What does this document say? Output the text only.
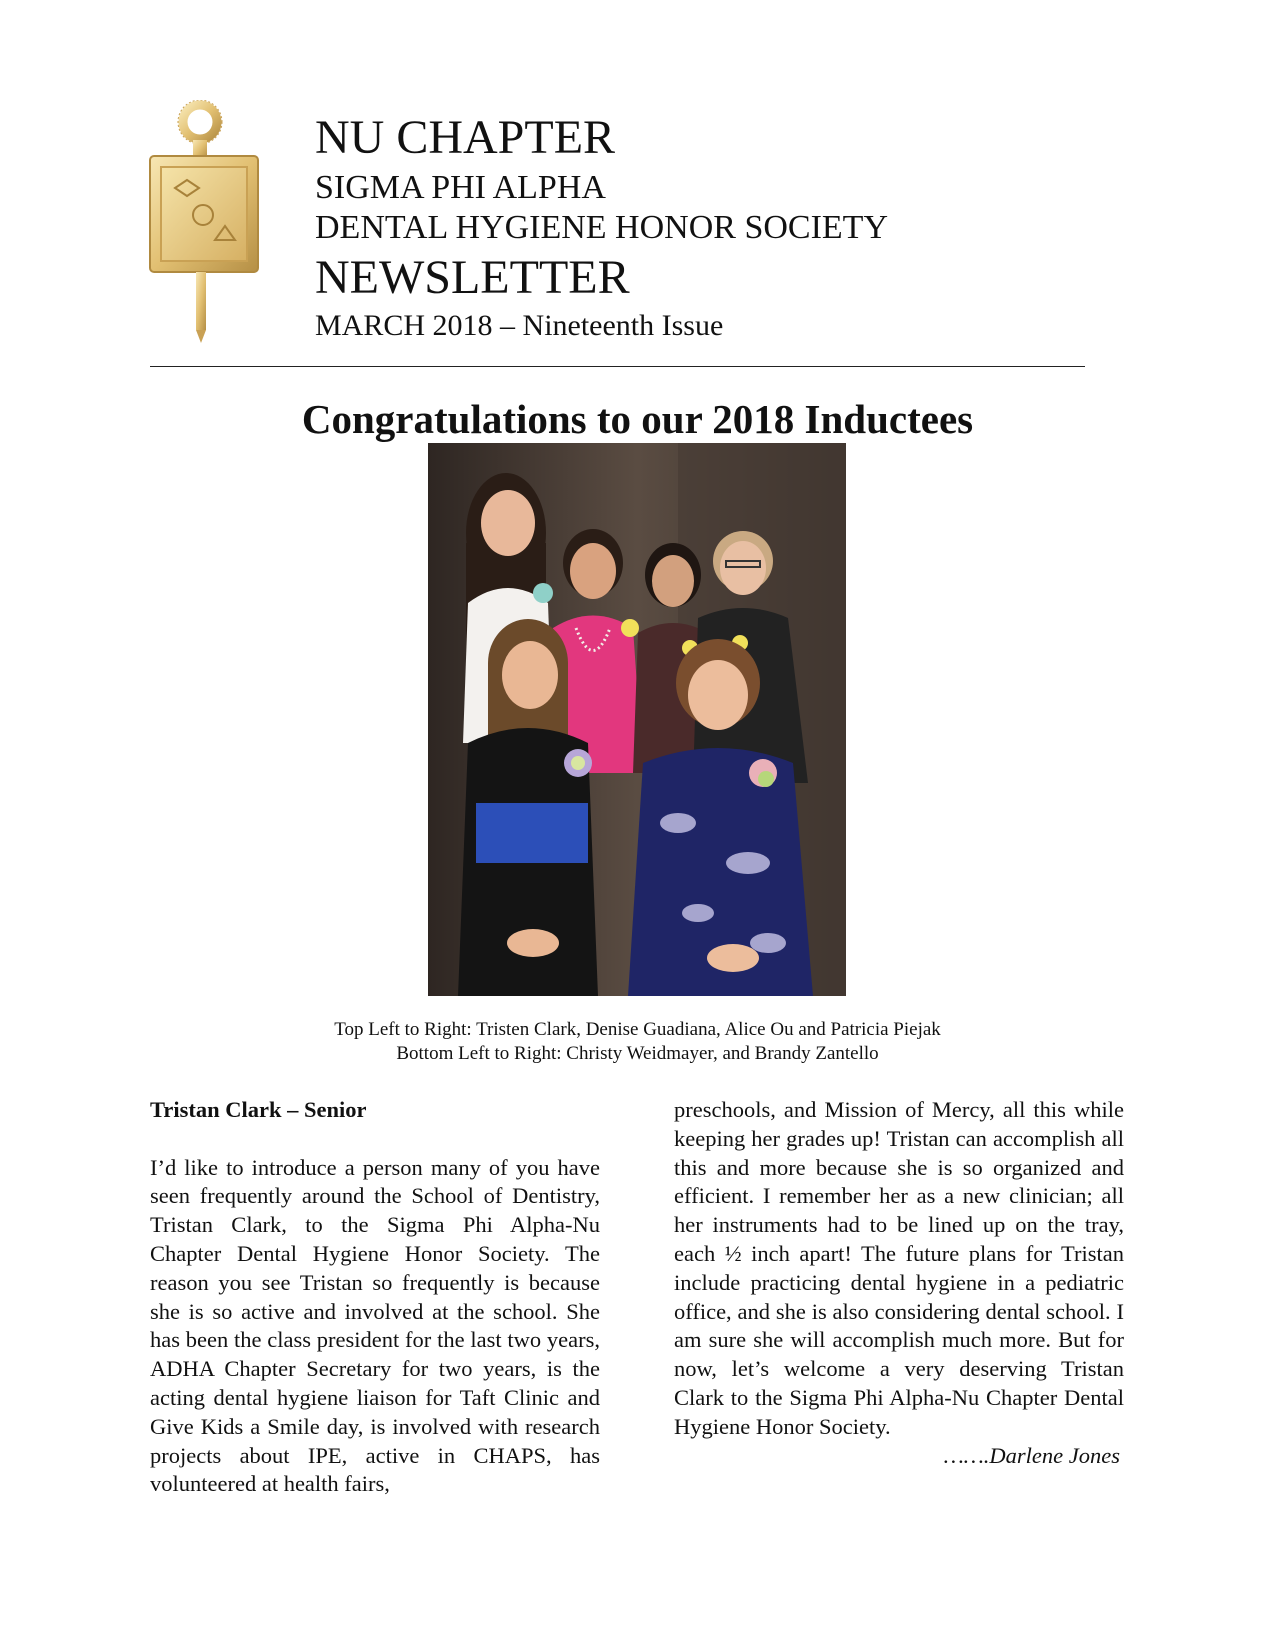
NU CHAPTER
SIGMA PHI ALPHA
DENTAL HYGIENE HONOR SOCIETY
NEWSLETTER
MARCH 2018 – Nineteenth Issue
Congratulations to our 2018 Inductees
Top Left to Right: Tristen Clark, Denise Guadiana, Alice Ou and Patricia Piejak
Bottom Left to Right: Christy Weidmayer, and Brandy Zantello

Tristan Clark – Senior

I’d like to introduce a person many of you have seen frequently around the School of Dentistry, Tristan Clark, to the Sigma Phi Alpha-Nu Chapter Dental Hygiene Honor Society. The reason you see Tristan so frequently is because she is so active and involved at the school. She has been the class president for the last two years, ADHA Chapter Secretary for two years, is the acting dental hygiene liaison for Taft Clinic and Give Kids a Smile day, is involved with research projects about IPE, active in CHAPS, has volunteered at health fairs,

preschools, and Mission of Mercy, all this while keeping her grades up! Tristan can accomplish all this and more because she is so organized and efficient. I remember her as a new clinician; all her instruments had to be lined up on the tray, each ½ inch apart! The future plans for Tristan include practicing dental hygiene in a pediatric office, and she is also considering dental school. I am sure she will accomplish much more. But for now, let’s welcome a very deserving Tristan Clark to the Sigma Phi Alpha-Nu Chapter Dental Hygiene Honor Society.

…….Darlene Jones
